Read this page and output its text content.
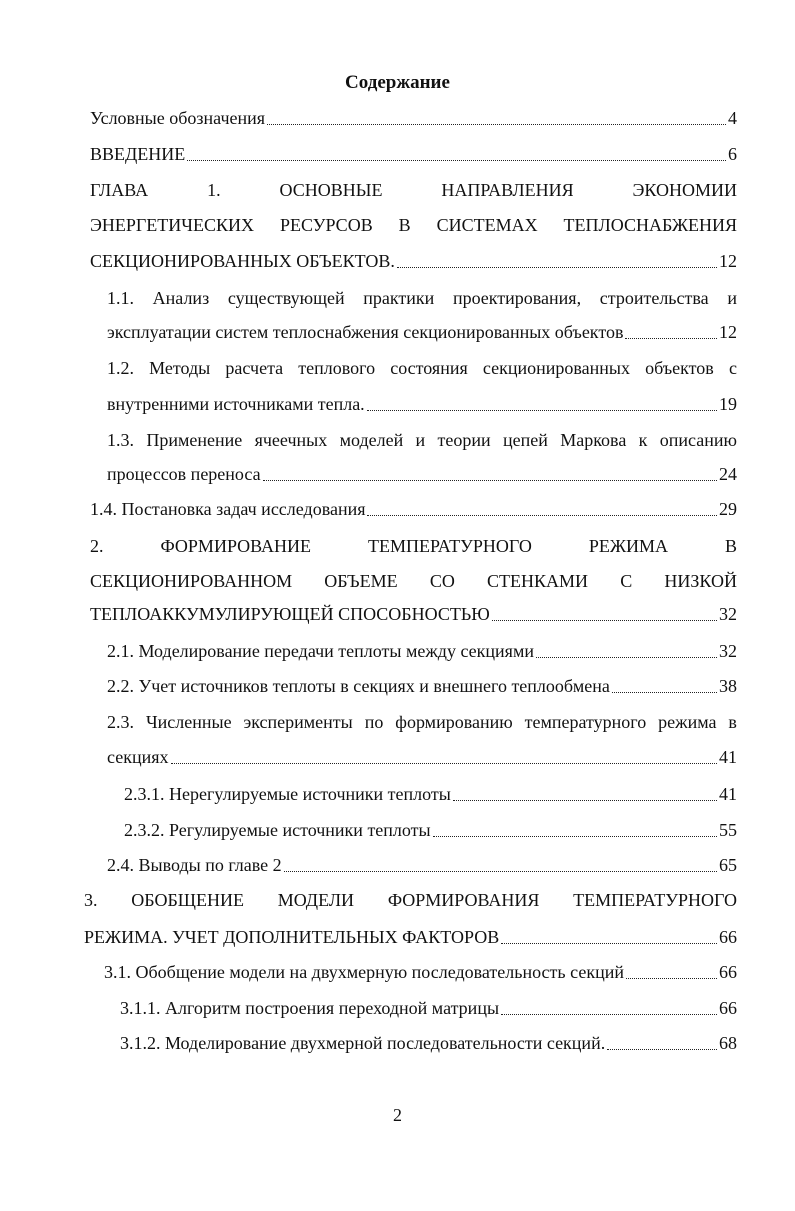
Содержание
Условные обозначения	4
ВВЕДЕНИЕ	6
ГЛАВА	1.	ОСНОВНЫЕ	НАПРАВЛЕНИЯ	ЭКОНОМИИ
ЭНЕРГЕТИЧЕСКИХ РЕСУРСОВ В СИСТЕМАХ ТЕПЛОСНАБЖЕНИЯ
СЕКЦИОНИРОВАННЫХ ОБЪЕКТОВ.	12
1.1. Анализ существующей практики проектирования, строительства и
эксплуатации систем теплоснабжения секционированных объектов	12
1.2. Методы расчета теплового состояния секционированных объектов с
внутренними источниками тепла.	19
1.3. Применение ячеечных моделей и теории цепей Маркова к описанию
процессов переноса	24
1.4. Постановка задач исследования	29
2.	ФОРМИРОВАНИЕ	ТЕМПЕРАТУРНОГО	РЕЖИМА	В
СЕКЦИОНИРОВАННОМ ОБЪЕМЕ СО СТЕНКАМИ С НИЗКОЙ
ТЕПЛОАККУМУЛИРУЮЩЕЙ СПОСОБНОСТЬЮ	32
2.1. Моделирование передачи теплоты между секциями	32
2.2. Учет источников теплоты в секциях и внешнего теплообмена	38
2.3. Численные эксперименты по формированию температурного режима в
секциях	41
2.3.1. Нерегулируемые источники теплоты	41
2.3.2. Регулируемые источники теплоты	55
2.4. Выводы по главе 2	65
3. ОБОБЩЕНИЕ МОДЕЛИ ФОРМИРОВАНИЯ ТЕМПЕРАТУРНОГО
РЕЖИМА. УЧЕТ ДОПОЛНИТЕЛЬНЫХ ФАКТОРОВ	66
3.1. Обобщение модели на двухмерную последовательность секций	66
3.1.1. Алгоритм построения переходной матрицы	66
3.1.2. Моделирование двухмерной последовательности секций.	68
2
